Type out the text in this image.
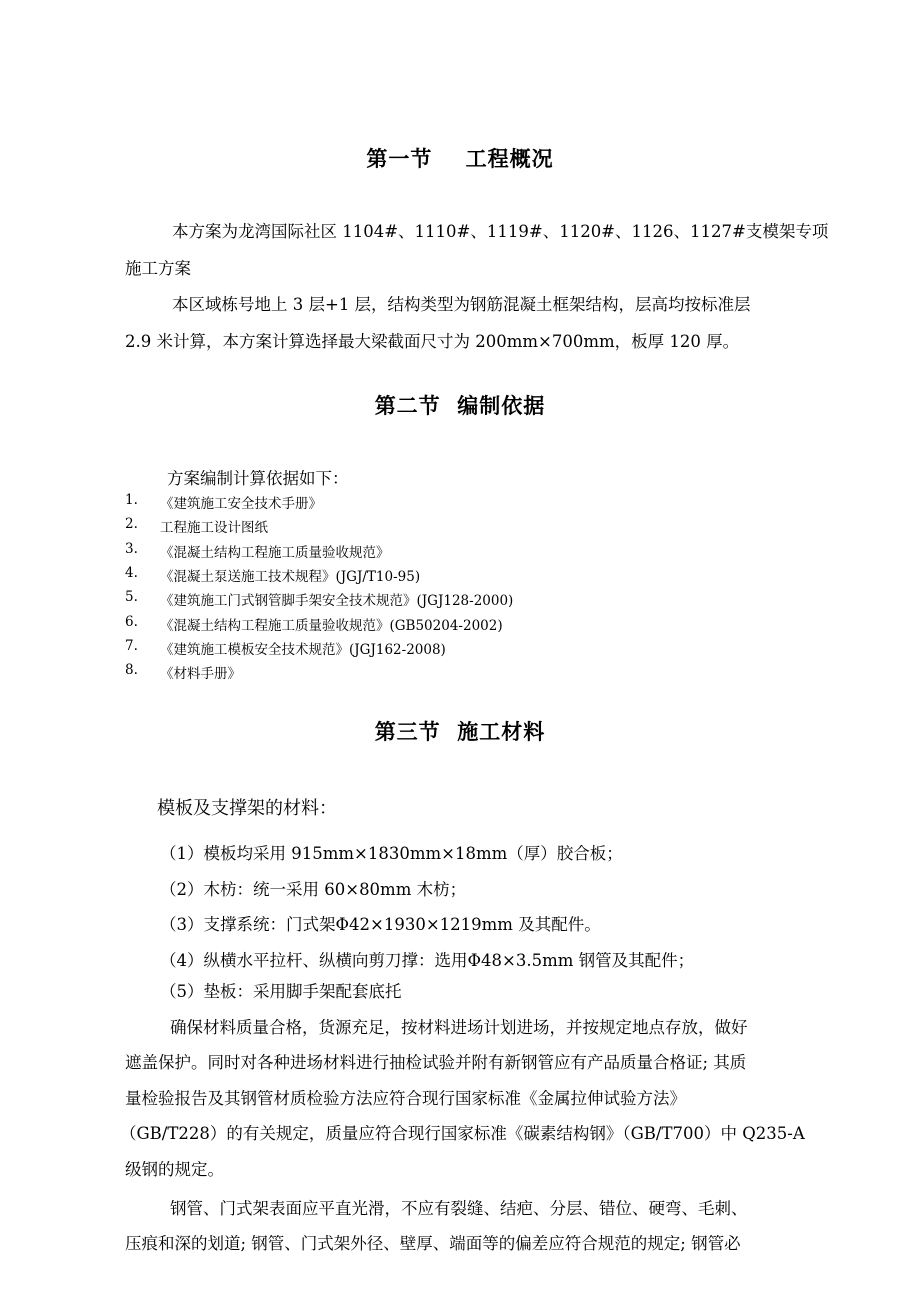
第一节    工程概况
本方案为龙湾国际社区 1104#、1110#、1119#、1120#、1126、1127#支模架专项
施工方案
本区域栋号地上 3 层+1 层，结构类型为钢筋混凝土框架结构，层高均按标准层
2.9 米计算，本方案计算选择最大梁截面尺寸为 200mm×700mm，板厚 120 厚。
第二节  编制依据
方案编制计算依据如下：
1. 《建筑施工安全技术手册》
2. 工程施工设计图纸
3. 《混凝土结构工程施工质量验收规范》
4. 《混凝土泵送施工技术规程》(JGJ/T10-95)
5. 《建筑施工门式钢管脚手架安全技术规范》(JGJ128-2000)
6. 《混凝土结构工程施工质量验收规范》(GB50204-2002)
7. 《建筑施工模板安全技术规范》(JGJ162-2008)
8. 《材料手册》
第三节  施工材料
模板及支撑架的材料：
（1）模板均采用 915mm×1830mm×18mm（厚）胶合板；
（2）木枋：统一采用 60×80mm 木枋；
（3）支撑系统：门式架Φ42×1930×1219mm 及其配件。
（4）纵横水平拉杆、纵横向剪刀撑：选用Φ48×3.5mm 钢管及其配件；
（5）垫板：采用脚手架配套底托
确保材料质量合格，货源充足，按材料进场计划进场，并按规定地点存放，做好
遮盖保护。同时对各种进场材料进行抽检试验并附有新钢管应有产品质量合格证; 其质
量检验报告及其钢管材质检验方法应符合现行国家标准《金属拉伸试验方法》
（GB/T228）的有关规定，质量应符合现行国家标准《碳素结构钢》（GB/T700）中 Q235-A
级钢的规定。
钢管、门式架表面应平直光滑，不应有裂缝、结疤、分层、错位、硬弯、毛刺、
压痕和深的划道; 钢管、门式架外径、壁厚、端面等的偏差应符合规范的规定; 钢管必
